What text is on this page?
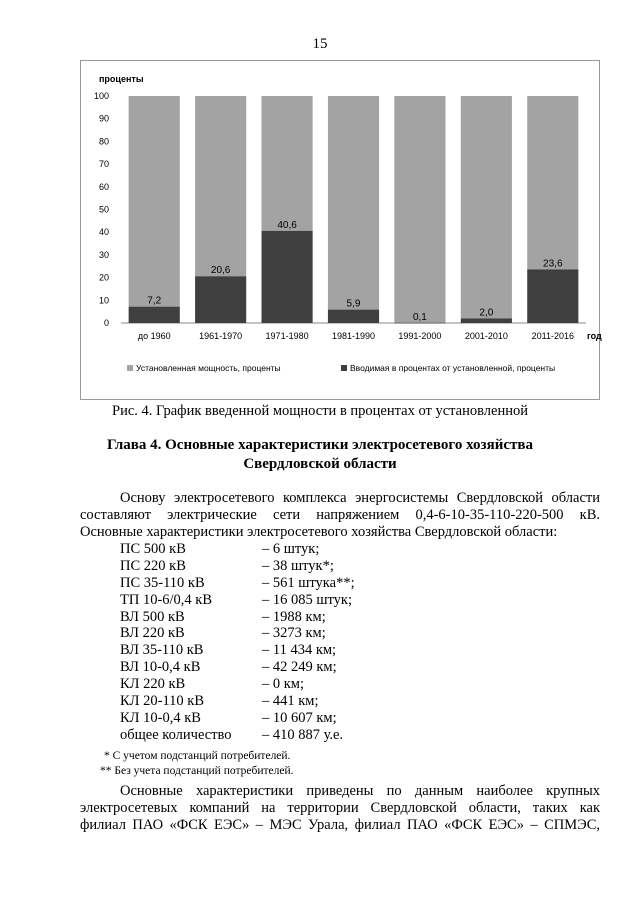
15
проценты
0
10
20
30
40
50
60
70
80
90
100
7,2
до 1960
20,6
1961-1970
40,6
1971-1980
5,9
1981-1990
0,1
1991-2000
2,0
2001-2010
23,6
2011-2016 год
Установленная мощность, проценты	Вводимая в процентах от установленной, проценты
Рис. 4. График введенной мощности в процентах от установленной
Глава 4. Основные характеристики электросетевого хозяйства
Свердловской области
Основу электросетевого комплекса энергосистемы Свердловской области
составляют электрические сети напряжением 0,4-6-10-35-110-220-500 кВ.
Основные характеристики электросетевого хозяйства Свердловской области:
ПС 500 кВ	– 6 штук;
ПС 220 кВ	– 38 штук*;
ПС 35-110 кВ	– 561 штука**;
ТП 10-6/0,4 кВ	– 16 085 штук;
ВЛ 500 кВ	– 1988 км;
ВЛ 220 кВ	– 3273 км;
ВЛ 35-110 кВ	– 11 434 км;
ВЛ 10-0,4 кВ	– 42 249 км;
КЛ 220 кВ	– 0 км;
КЛ 20-110 кВ	– 441 км;
КЛ 10-0,4 кВ	– 10 607 км;
общее количество – 410 887 у.е.
* С учетом подстанций потребителей.
** Без учета подстанций потребителей.
Основные характеристики приведены по данным наиболее крупных
электросетевых компаний на территории Свердловской области, таких как
филиал ПАО «ФСК ЕЭС» – МЭС Урала, филиал ПАО «ФСК ЕЭС» – СПМЭС,
